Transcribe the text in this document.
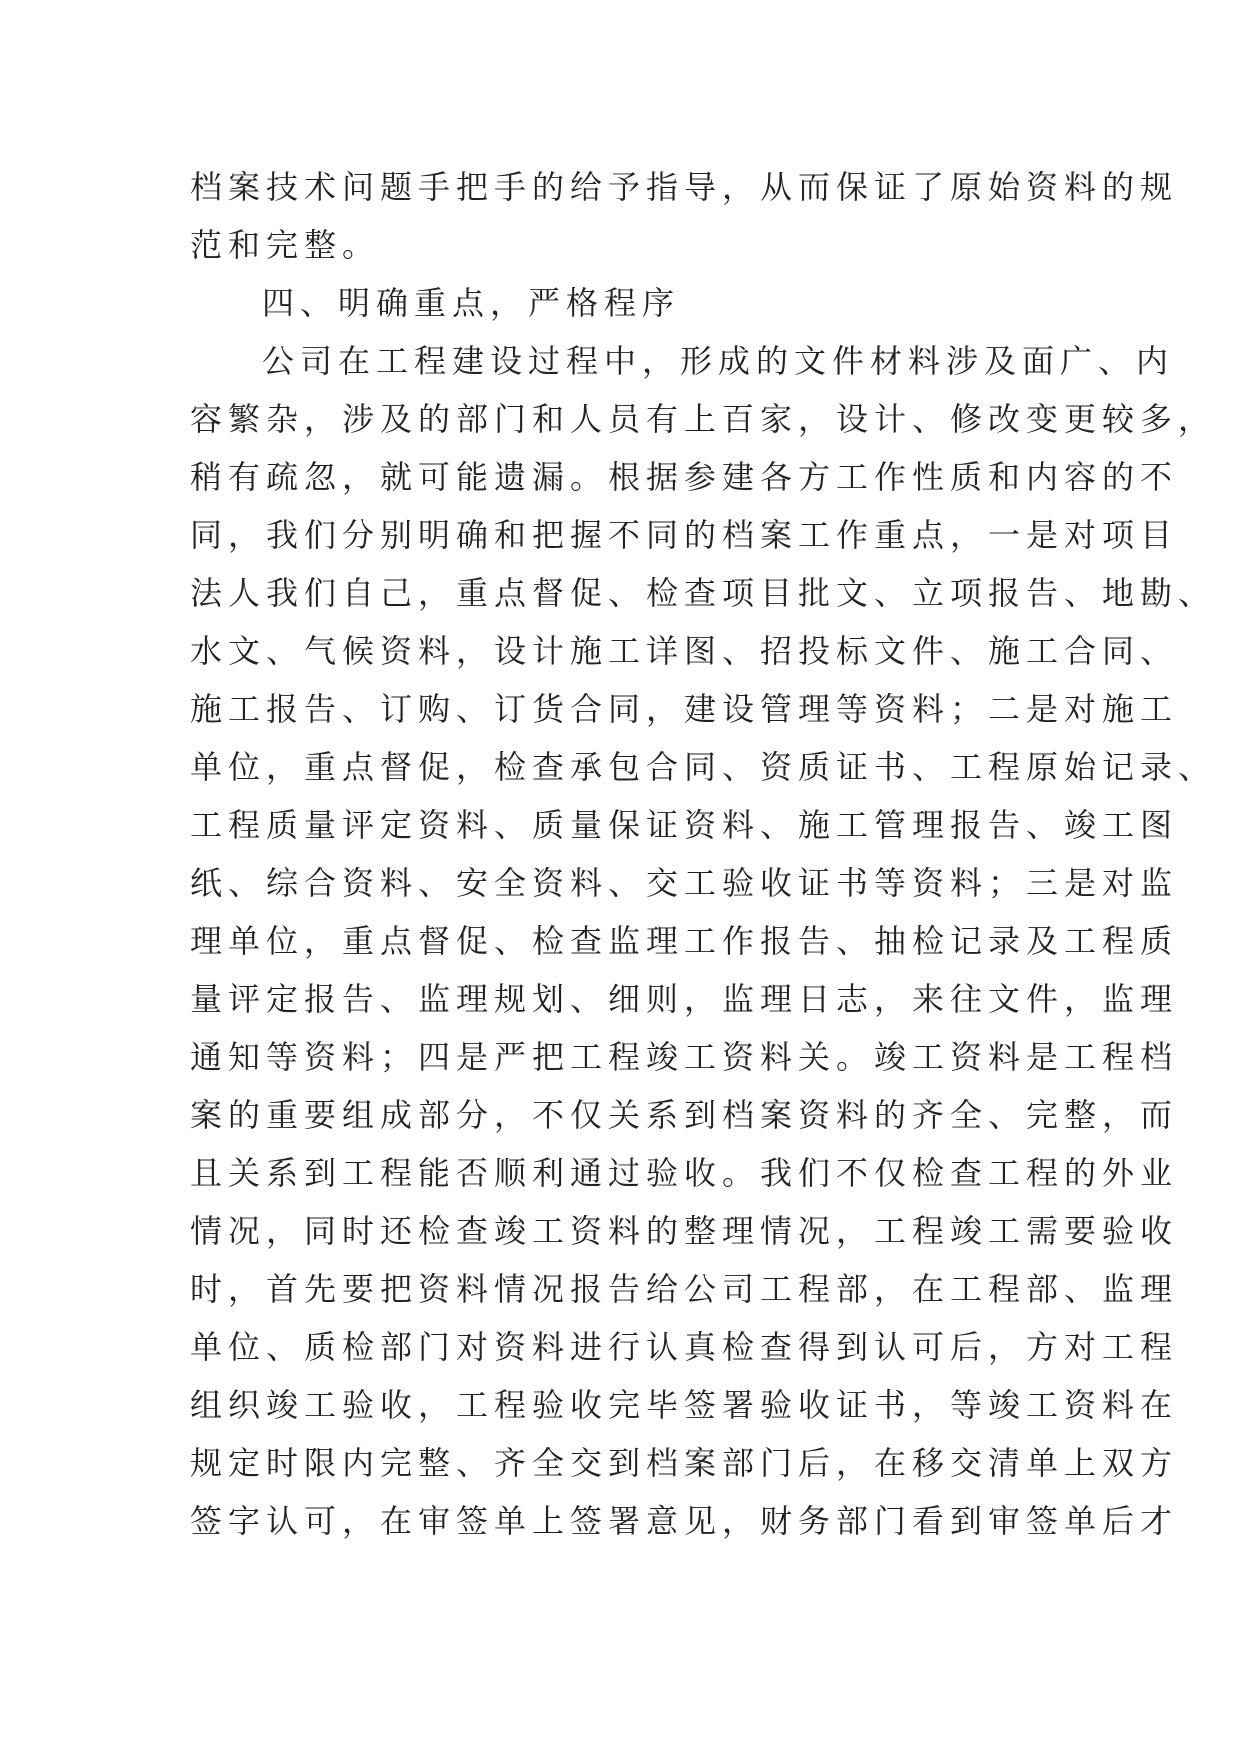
档案技术问题手把手的给予指导，从而保证了原始资料的规
范和完整。
四、明确重点，严格程序
公司在工程建设过程中，形成的文件材料涉及面广、内
容繁杂，涉及的部门和人员有上百家，设计、修改变更较多，
稍有疏忽，就可能遗漏。根据参建各方工作性质和内容的不
同，我们分别明确和把握不同的档案工作重点，一是对项目
法人我们自己，重点督促、检查项目批文、立项报告、地勘、
水文、气候资料，设计施工详图、招投标文件、施工合同、
施工报告、订购、订货合同，建设管理等资料；二是对施工
单位，重点督促，检查承包合同、资质证书、工程原始记录、
工程质量评定资料、质量保证资料、施工管理报告、竣工图
纸、综合资料、安全资料、交工验收证书等资料；三是对监
理单位，重点督促、检查监理工作报告、抽检记录及工程质
量评定报告、监理规划、细则，监理日志，来往文件，监理
通知等资料；四是严把工程竣工资料关。竣工资料是工程档
案的重要组成部分，不仅关系到档案资料的齐全、完整，而
且关系到工程能否顺利通过验收。我们不仅检查工程的外业
情况，同时还检查竣工资料的整理情况，工程竣工需要验收
时，首先要把资料情况报告给公司工程部，在工程部、监理
单位、质检部门对资料进行认真检查得到认可后，方对工程
组织竣工验收，工程验收完毕签署验收证书，等竣工资料在
规定时限内完整、齐全交到档案部门后，在移交清单上双方
签字认可，在审签单上签署意见，财务部门看到审签单后才
